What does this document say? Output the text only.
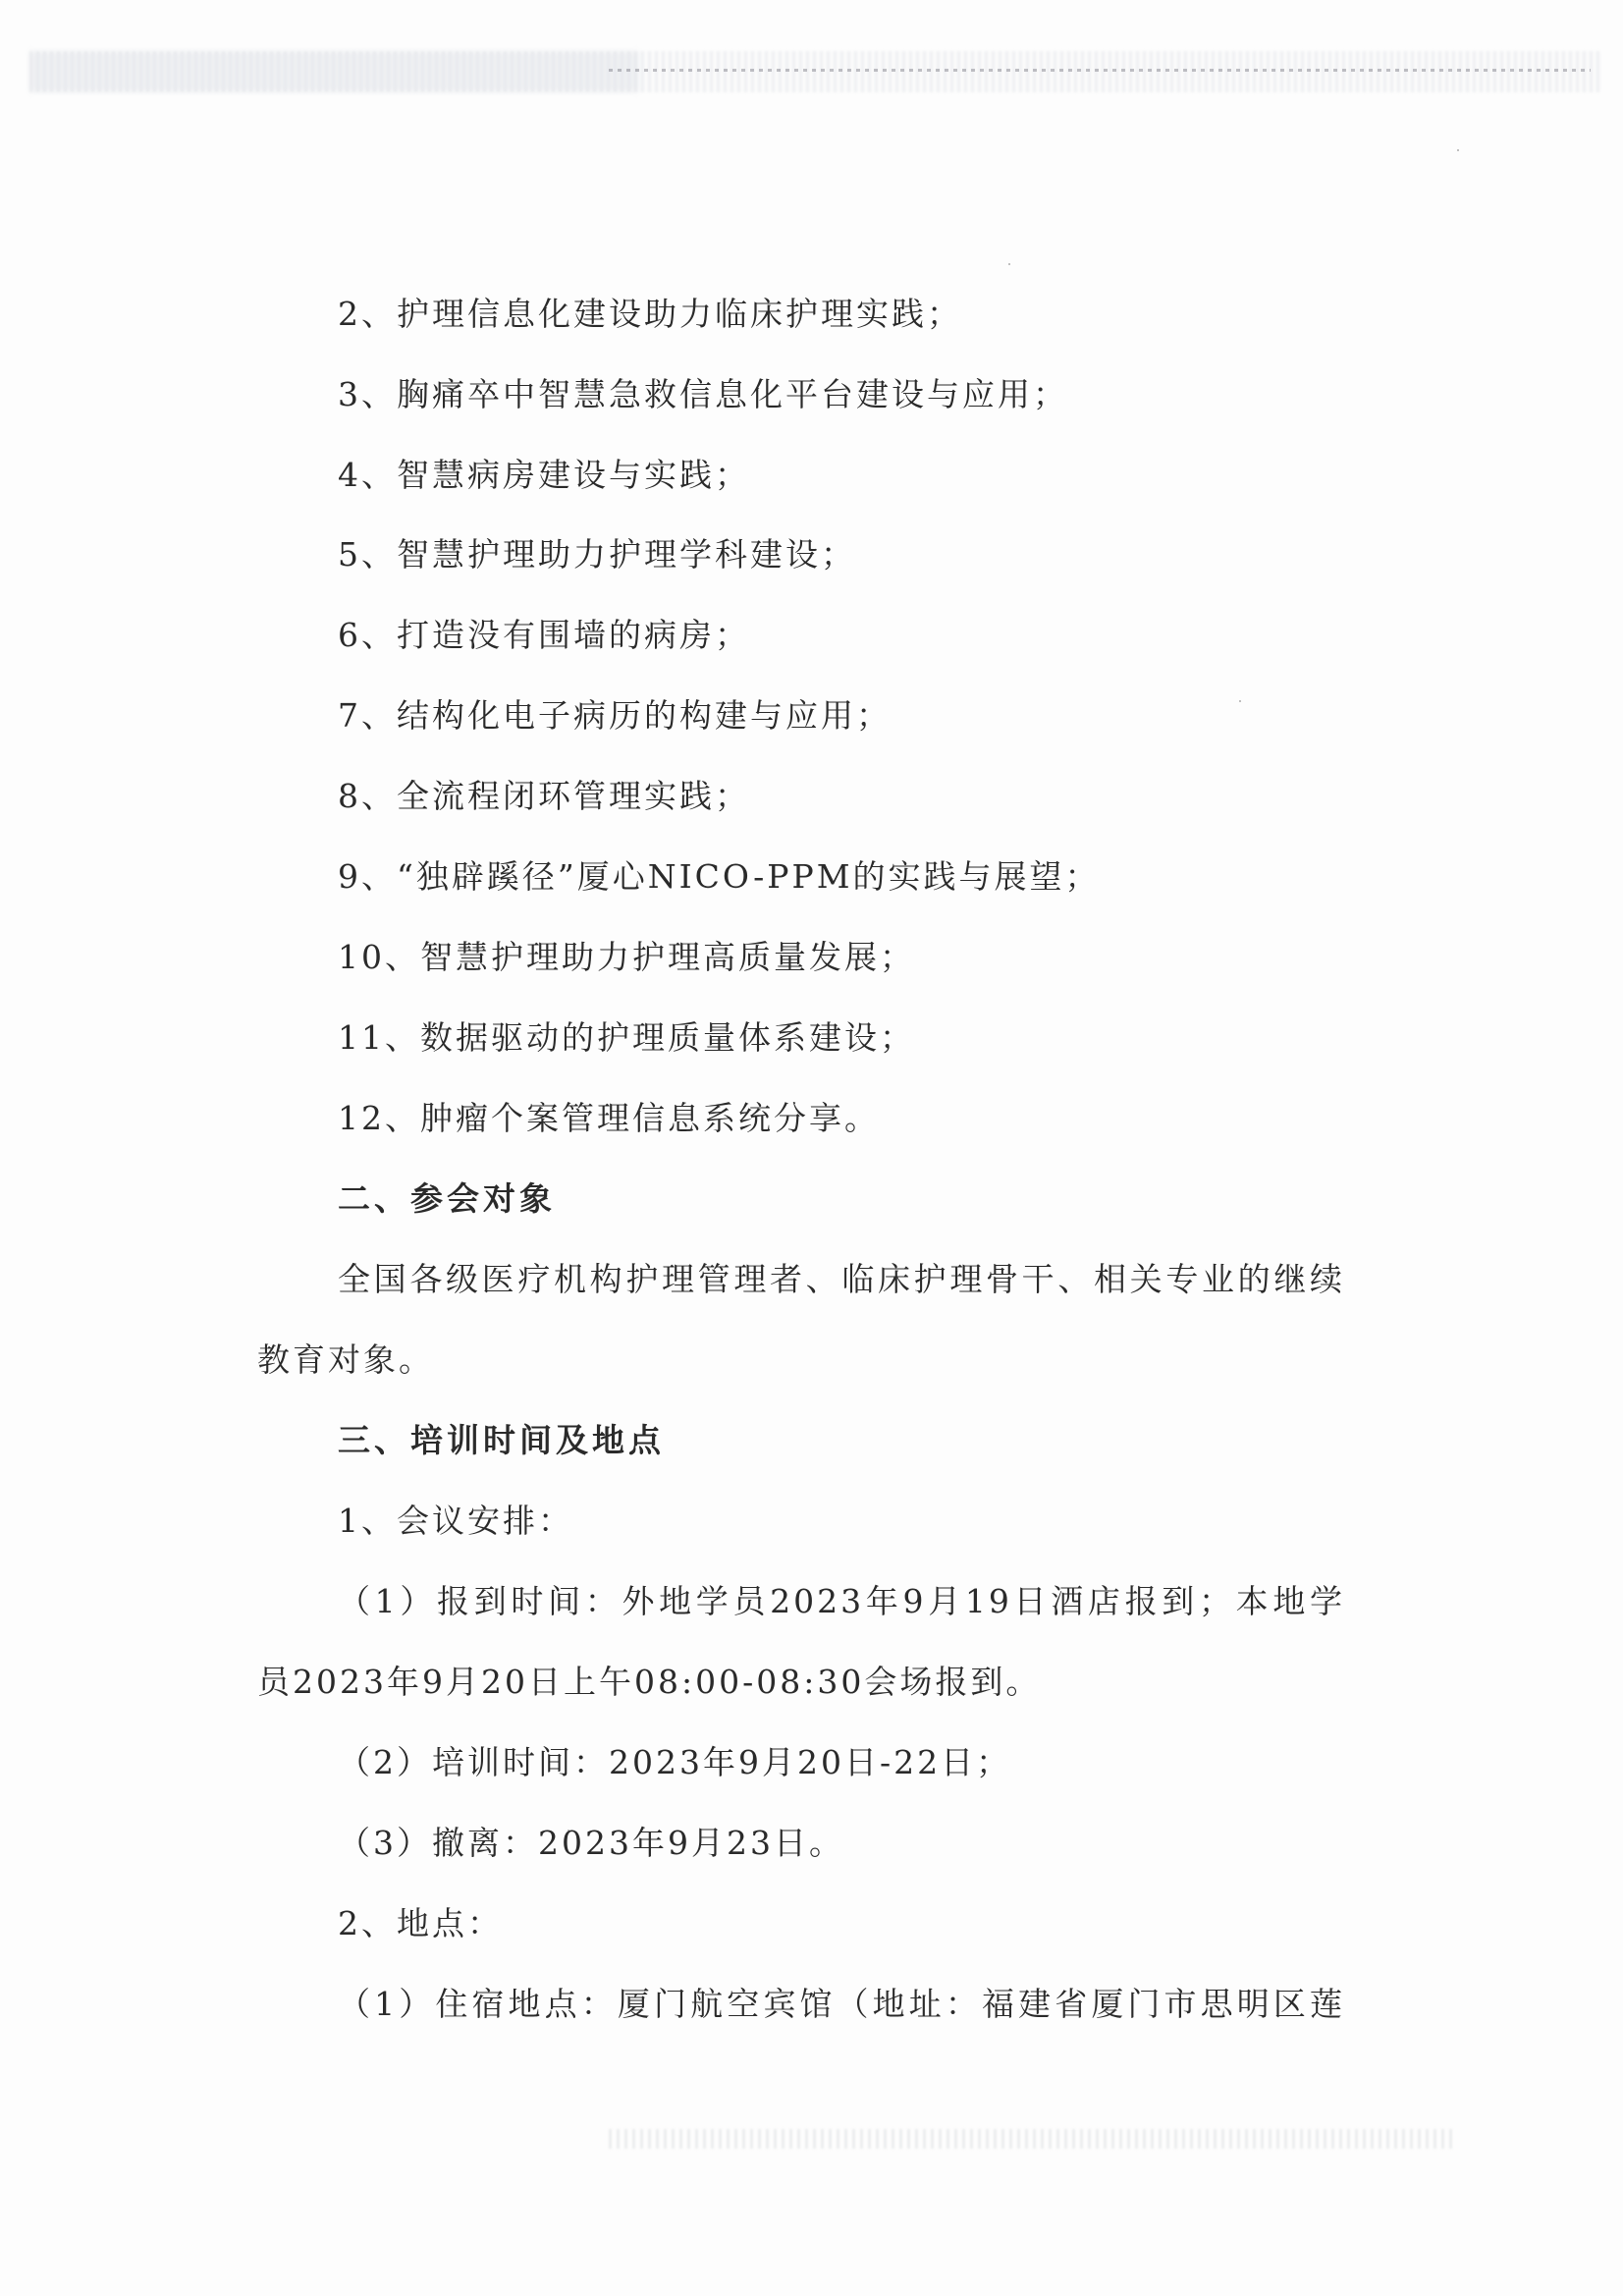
2、护理信息化建设助力临床护理实践；
3、胸痛卒中智慧急救信息化平台建设与应用；
4、智慧病房建设与实践；
5、智慧护理助力护理学科建设；
6、打造没有围墙的病房；
7、结构化电子病历的构建与应用；
8、全流程闭环管理实践；
9、“独辟蹊径”厦心NICO-PPM的实践与展望；
10、智慧护理助力护理高质量发展；
11、数据驱动的护理质量体系建设；
12、肿瘤个案管理信息系统分享。
二、参会对象
全国各级医疗机构护理管理者、临床护理骨干、相关专业的继续
教育对象。
三、培训时间及地点
1、会议安排：
（1）报到时间：外地学员2023年9月19日酒店报到；本地学
员2023年9月20日上午08:00-08:30会场报到。
（2）培训时间：2023年9月20日-22日；
（3）撤离：2023年9月23日。
2、地点：
（1）住宿地点：厦门航空宾馆（地址：福建省厦门市思明区莲
